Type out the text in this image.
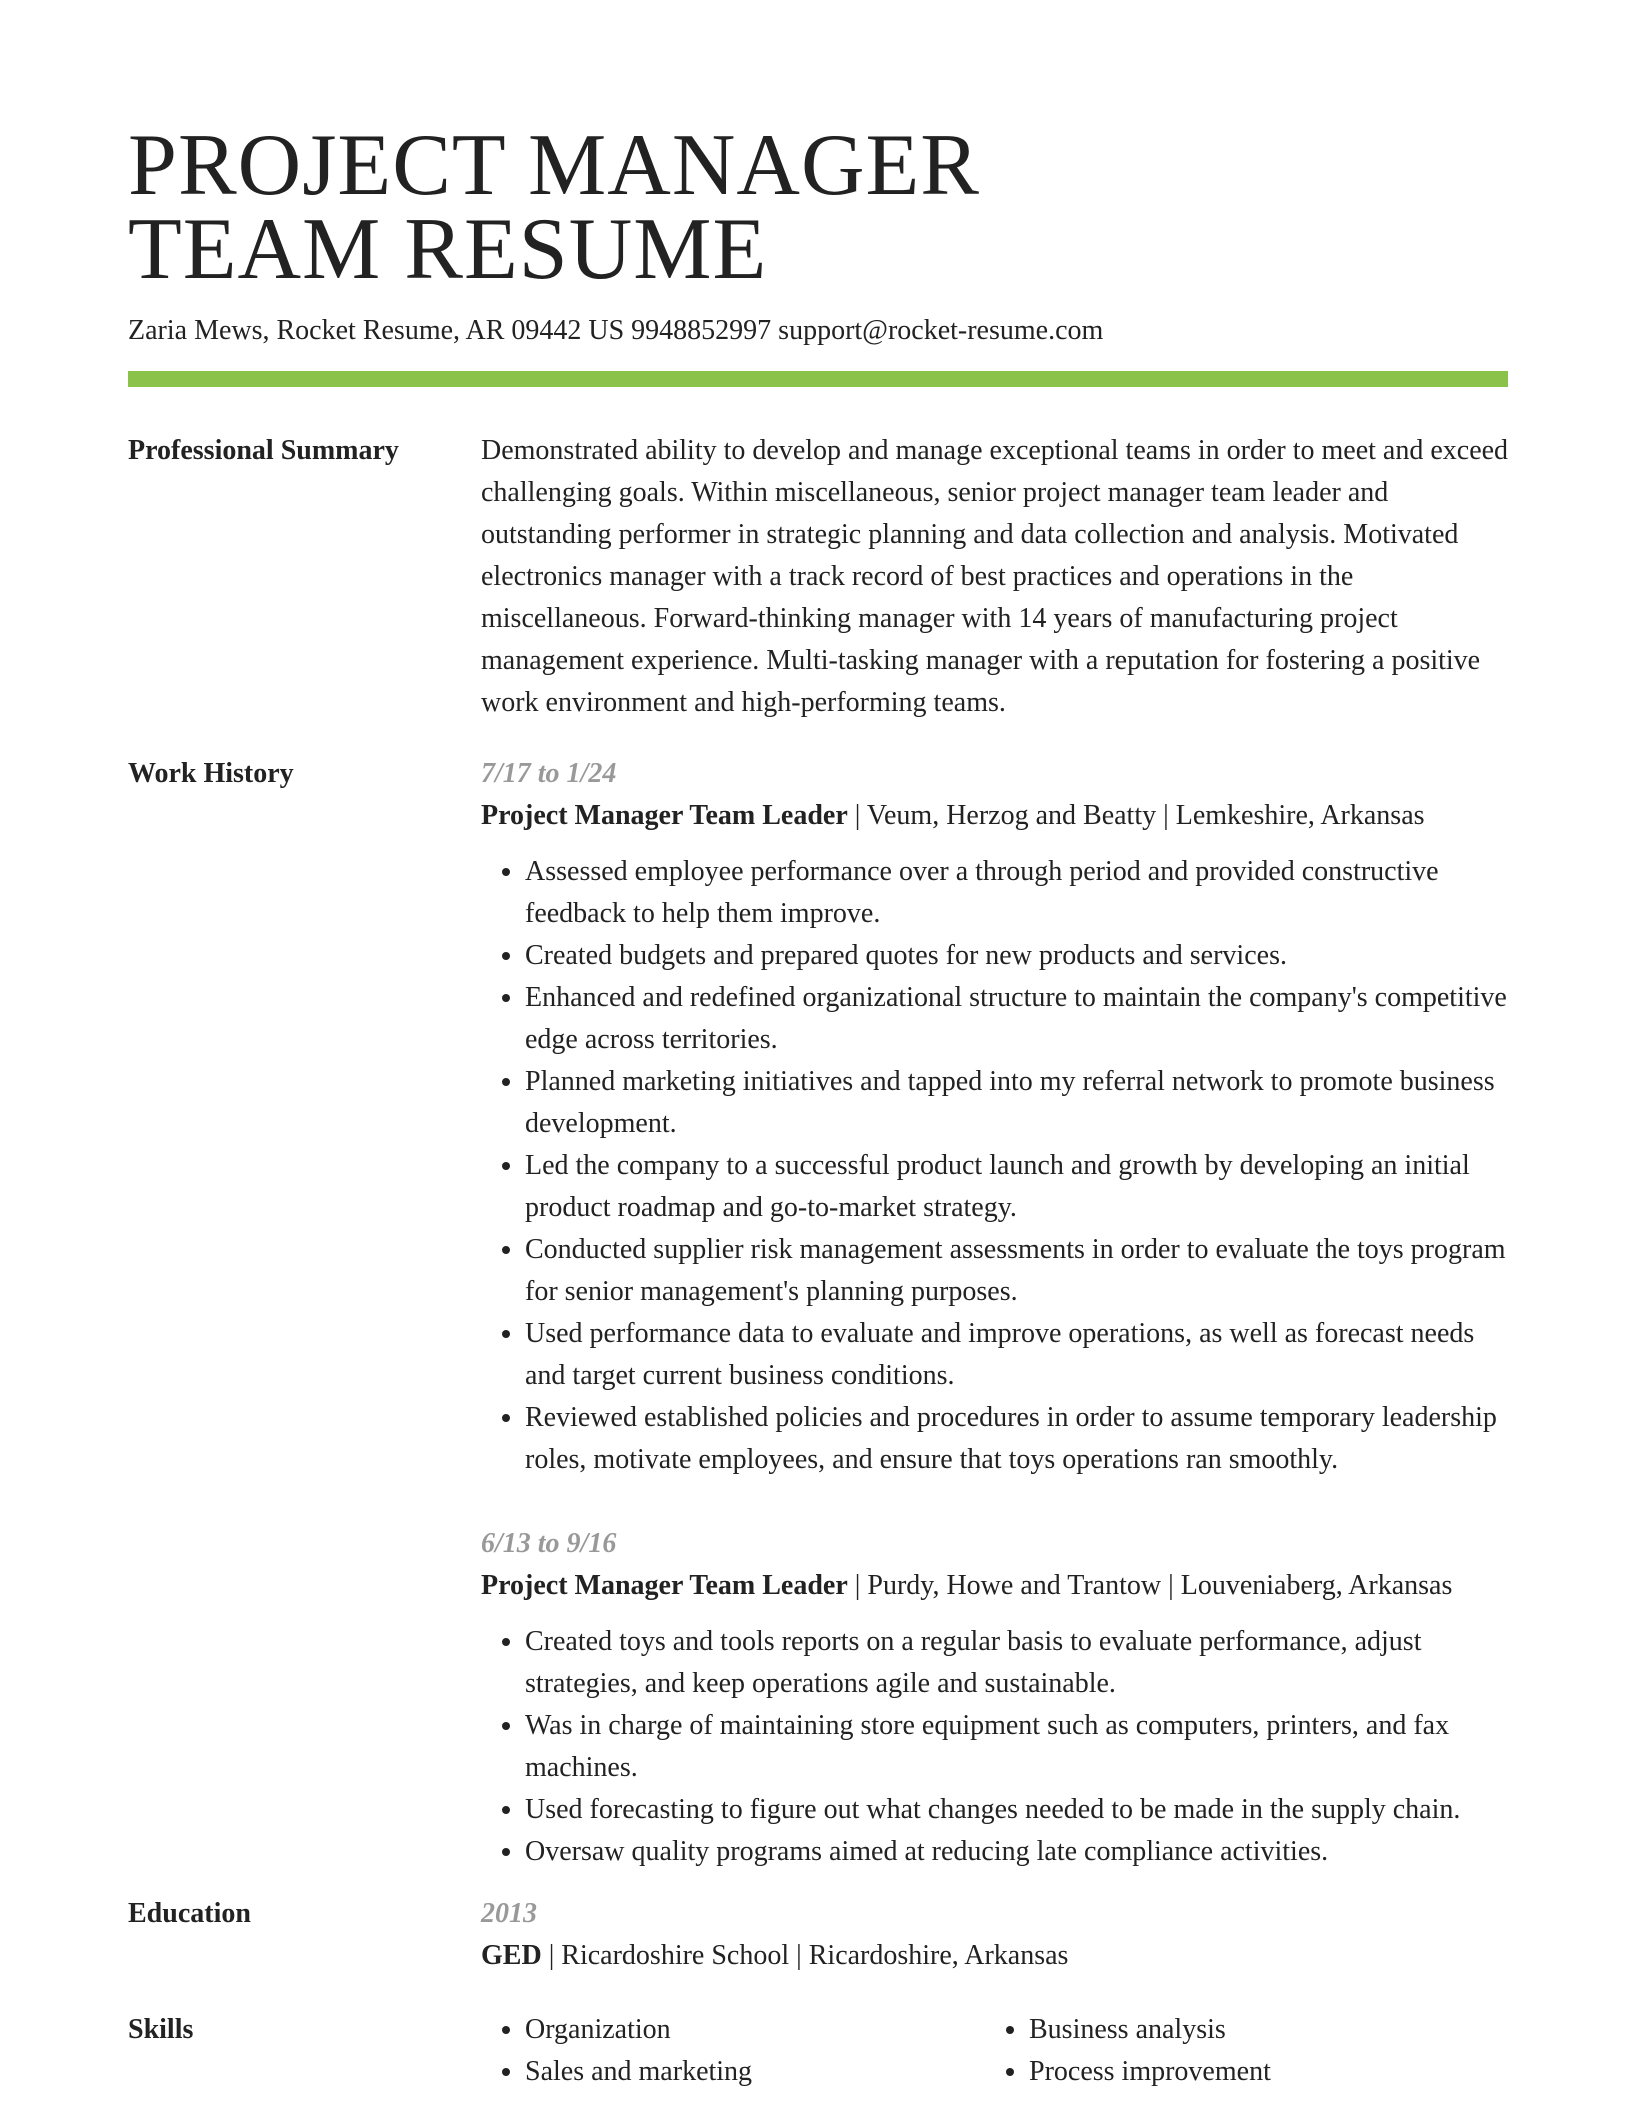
PROJECT MANAGER
TEAM RESUME
Zaria Mews, Rocket Resume, AR 09442 US 9948852997 support@rocket-resume.com
Professional Summary	Demonstrated ability to develop and manage exceptional teams in order to meet and exceed challenging goals. Within miscellaneous, senior project manager team leader and outstanding performer in strategic planning and data collection and analysis. Motivated electronics manager with a track record of best practices and operations in the miscellaneous. Forward-thinking manager with 14 years of manufacturing project management experience. Multi-tasking manager with a reputation for fostering a positive work environment and high-performing teams.

Work History	7/17 to 1/24

Project Manager Team Leader | Veum, Herzog and Beatty | Lemkeshire, Arkansas

• Assessed employee performance over a through period and provided constructive feedback to help them improve.
• Created budgets and prepared quotes for new products and services.
• Enhanced and redefined organizational structure to maintain the company's competitive edge across territories.
• Planned marketing initiatives and tapped into my referral network to promote business development.
• Led the company to a successful product launch and growth by developing an initial product roadmap and go-to-market strategy.
• Conducted supplier risk management assessments in order to evaluate the toys program for senior management's planning purposes.
• Used performance data to evaluate and improve operations, as well as forecast needs and target current business conditions.
• Reviewed established policies and procedures in order to assume temporary leadership roles, motivate employees, and ensure that toys operations ran smoothly.
6/13 to 9/16

Project Manager Team Leader | Purdy, Howe and Trantow | Louveniaberg, Arkansas

• Created toys and tools reports on a regular basis to evaluate performance, adjust strategies, and keep operations agile and sustainable.
• Was in charge of maintaining store equipment such as computers, printers, and fax machines.
• Used forecasting to figure out what changes needed to be made in the supply chain.
• Oversaw quality programs aimed at reducing late compliance activities.
Education	2013

GED | Ricardoshire School | Ricardoshire, Arkansas

Skills
•	Organization
• Sales and marketing
• Business analysis
• Process improvement
